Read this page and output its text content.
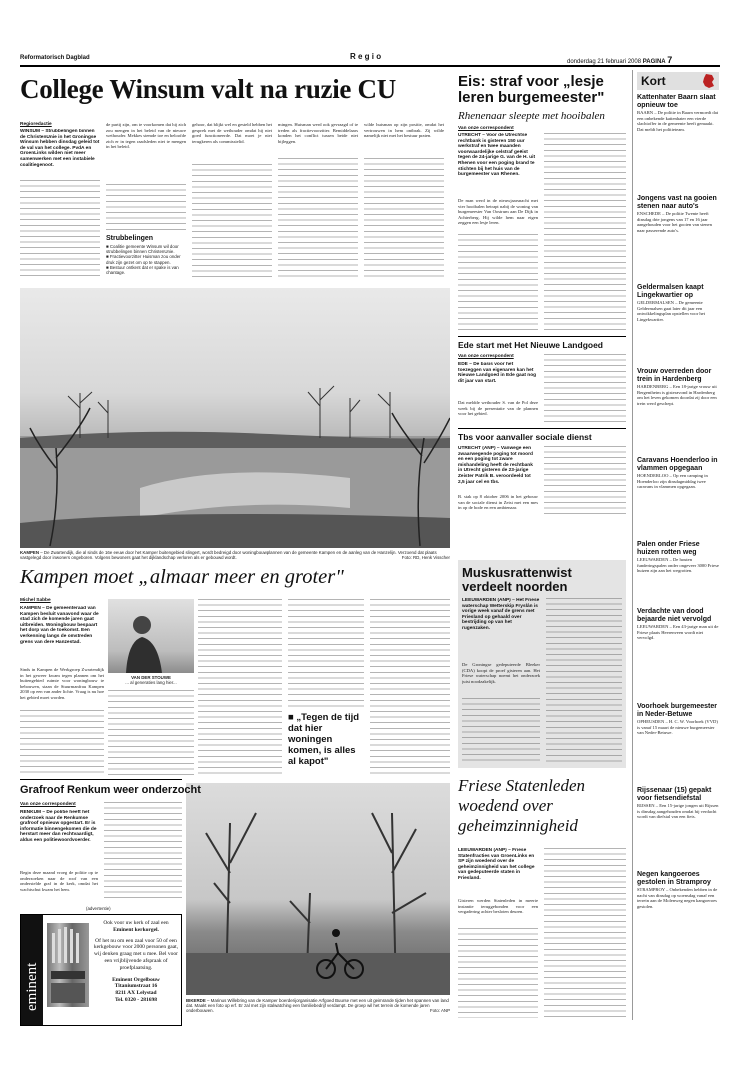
Reformatorisch Dagblad	R e g i o
donderdag 21 februari 2008 PAGINA 7
College Winsum valt na ruzie CU
Regioredactie
WINSUM – Strubbelingen binnen de ChristenUnie in het Groningse Winsum hebben dinsdag geleid tot de val van het college. PvdA en GroenLinks wilden niet meer samenwerken met een instabiele coalitiegenoot.
de partij zijn, om te voorkomen dat hij zich zou mengen in het beleid van de nieuwe wethouder. Mekkes stemde toe en beloofde zich er in tegen raadsleden niet te mengen in het beleid.
Strubbelingen
■ Coalitie gemeente Winsum wil door strubbelingen binnen ChristenUnie.
■ Fractievoorzitter Huisman zou onder druk zijn gezet om op te stappen.
■ Bestuur ontkent dat er spake is van chantage.
gehoor, dat blijkt wel en gesteld hebben het gesprek met de wethouder omdat hij niet goed functioneerde. Dat moet je niet terugkeren als commissielid.
mingen. Huisman werd ook gevraagd of te treden als fractievoorzitter. Bemiddelaars konden het conflict tussen beide niet bijleggen.
wilde huisman op zijn positie, omdat het vertrouwen in hem ontbrak. Zij wilde namelijk niet met het bestuur praten.
KAMPEN – De Zwartendijk, die al sinds de 16e eeuw door het Kamper buitengebied slingert, wordt bedreigd door woningbouwplannen van de gemeente Kampen en de aanleg van de Hanzelijn. Verzoend dat plaats vastgelegd door inwoners ongeboren. Volgens bewoners gaat het dijklandschap verloren als er gebouwd wordt.	Foto: RD, Henk Visscher
Kampen moet „almaar meer en groter"
Michel Sabbe
KAMPEN – De gemeenteraad van Kampen besluit vanavond waar de stad zich de komende jaren gaat uitbreiden. Woningbouw bespaart het dorp van de toekomst. Een verkenning langs de omstreden grens van dere Hanzestad.
Sinds in Kampen de Werkgroep Zwartendijk in het geweer kwam tegen plannen om het buitengebied ruimte voor woningbouw te bebouwen, staan de Stuurmanfrau Kampen 2030 op een van ander lichte. Vraag is nu hoe het gebied moet worden.
VAN DER STOUWE
... al generaties lang hier...
■ „Tegen de tijd dat hier woningen komen, is alles al kapot"
BIKERDE – Marinus Willebring van de Kamper boerderijorganisatie Arfgoed Buurse met een uit geimrande tijden het spannen van land dat. Maakt een foto op erf. Er zal met zijn stalwatching een familiebedrijf verdampt. De groep wil het terrein de komende jaren onderbouwen.	Foto: ANP
Grafroof Renkum weer onderzocht
Van onze correspondent
RENKUM – De politie heeft het onderzoek naar de Renkumse grafroof opnieuw opgestart. Er is informatie binnengekomen die de herstart meer dan rechtvaardigt, aldus een politiewoordvoerder.
Begin deze maand vroeg de politie op te onderzoeken naar de roof van een onderstelde graf in de kerk, omdat het wachtschut kwam het hem.
(advertentie)
eminent
Ook voor uw kerk of zaal een
Eminent kerkorgel.
Of het nu om een zaal voor 50 of een kerkgebouw voor 2000 personen gaat, wij denken graag met u mee. Bel voor een vrijblijvende afspraak of proefplaatsing.
Eminent Orgelbouw
Titaniumstraat 16
8211 AX Lelystad
Tel. 0320 - 281698
Eis: straf voor „lesje leren burgemeester"
Rhenenaar sleepte met hooibalen
Van onze correspondent
UTRECHT – Voor de Utrechtse rechtbank is gisteren 150 uur werkstraf en twee maanden voorwaardelijke celstraf geëist tegen de 24-jarige G. van de H. uit Rhenen voor een poging brand te stichten bij het huis van de burgemeester van Rhenen.
De man werd in de nieuwjaarsnacht met vier hooibalen betrapt nabij de woning van burgemeester Van Oostrum aan De Dijk in Achterberg. Hij wilde hem naar eigen zeggen een lesje leren.
Ede start met Het Nieuwe Landgoed
Van onze correspondent
EDE – De basis voor het toezeggen van eigenaren kan het Nieuwe Landgoed in Ede gaat nog dit jaar van start.
Dat meldde wethouder S. van de Pol deze week bij de presentatie van de plannen voor het gebied.
Tbs voor aanvaller sociale dienst
UTRECHT (ANP) – Vanwege een zwaarwegende poging tot moord en een poging tot zware mishandeling heeft de rechtbank in Utrecht gisteren de 23-jarige Zeister Patrik B. veroordeeld tot 2,5 jaar cel en tbs.
B. stak op 8 oktober 2006 in het gebouw van de sociale dienst in Zeist met een mes in op de bode en een ambtenaar.
Muskusrattenwist verdeelt noorden
LEEUWARDEN (ANP) – Het Friese waterschap Wetterskip Fryslân is vorige week vanaf de grens met Friesland op gehaald over bestrijding op van het rugenzaken.
De Groningse gedeputeerde Bleeker (CDA) koopt de proef gisteren aan. Het Friese waterschap noemt het onderzoek juist noodzakelijk.
Friese Statenleden woedend over geheimzinnigheid
LEEUWARDEN (ANP) – Friese Statenfracties van GroenLinks en SP zijn woedend over de geheimzinnigheid van het college van gedeputeerde staten in Friesland.
Gisteren werden Statenleden in meerte instantie teruggebonden voor een vergadering achter besloten deuren.
Kort
Kattenhater Baarn slaat opnieuw toe
BAARN – De politie in Baarn vermoedt dat een onbekende kattenhater een vierde slachtoffer in de gemeente heeft gemaakt. Dat meldt het politieteam.
Jongens vast na gooien stenen naar auto's
ENSCHEDE – De politie Twente heeft dinsdag drie jongens van 17 en 16 jaar aangehouden voor het gooien van stenen naar passerende auto's.
Geldermalsen kaapt Lingekwartier op
GELDERMALSEN – De gemeente Geldermalsen gaat later dit jaar een ontwikkelingsplan opstellen voor het Lingekwartier.
Vrouw overreden door trein in Hardenberg
HARDENBERG – Een 18-jarige vrouw uit Bergentheim is gisteravond in Hardenberg om het leven gekomen doordat zij door een trein werd geschept.
Caravans Hoenderloo in vlammen opgegaan
HOENDERLOO – Op een camping in Hoenderloo zijn dinsdagmiddag twee caravans in vlammen opgegaan.
Palen onder Friese huizen rotten weg
LEEUWARDEN – De houten funderingspalen onder ongeveer 3000 Friese huizen zijn aan het wegrotten.
Verdachte van dood bejaarde niet vervolgd
LEEUWARDEN – Een 43-jarige man uit de Friese plaats Heerenveen wordt niet vervolgd.
Voorhoek burgemeester in Neder-Betuwe
OPHEUSDEN – H. C. W. Voorhoek (VVD) is vanaf 15 maart de nieuwe burgemeester van Neder-Betuwe.
Rijssenaar (15) gepakt voor fietsendiefstal
RIJSSEN – Een 15-jarige jongen uit Rijssen is dinsdag aangehouden omdat hij verdacht wordt van diefstal van een fiets.
Negen kangoeroes gestolen in Stramproy
STRAMPROY – Onbekenden hebben in de nacht van dinsdag op woensdag vanaf een terrein aan de Molenweg negen kangoeroes gestolen.
